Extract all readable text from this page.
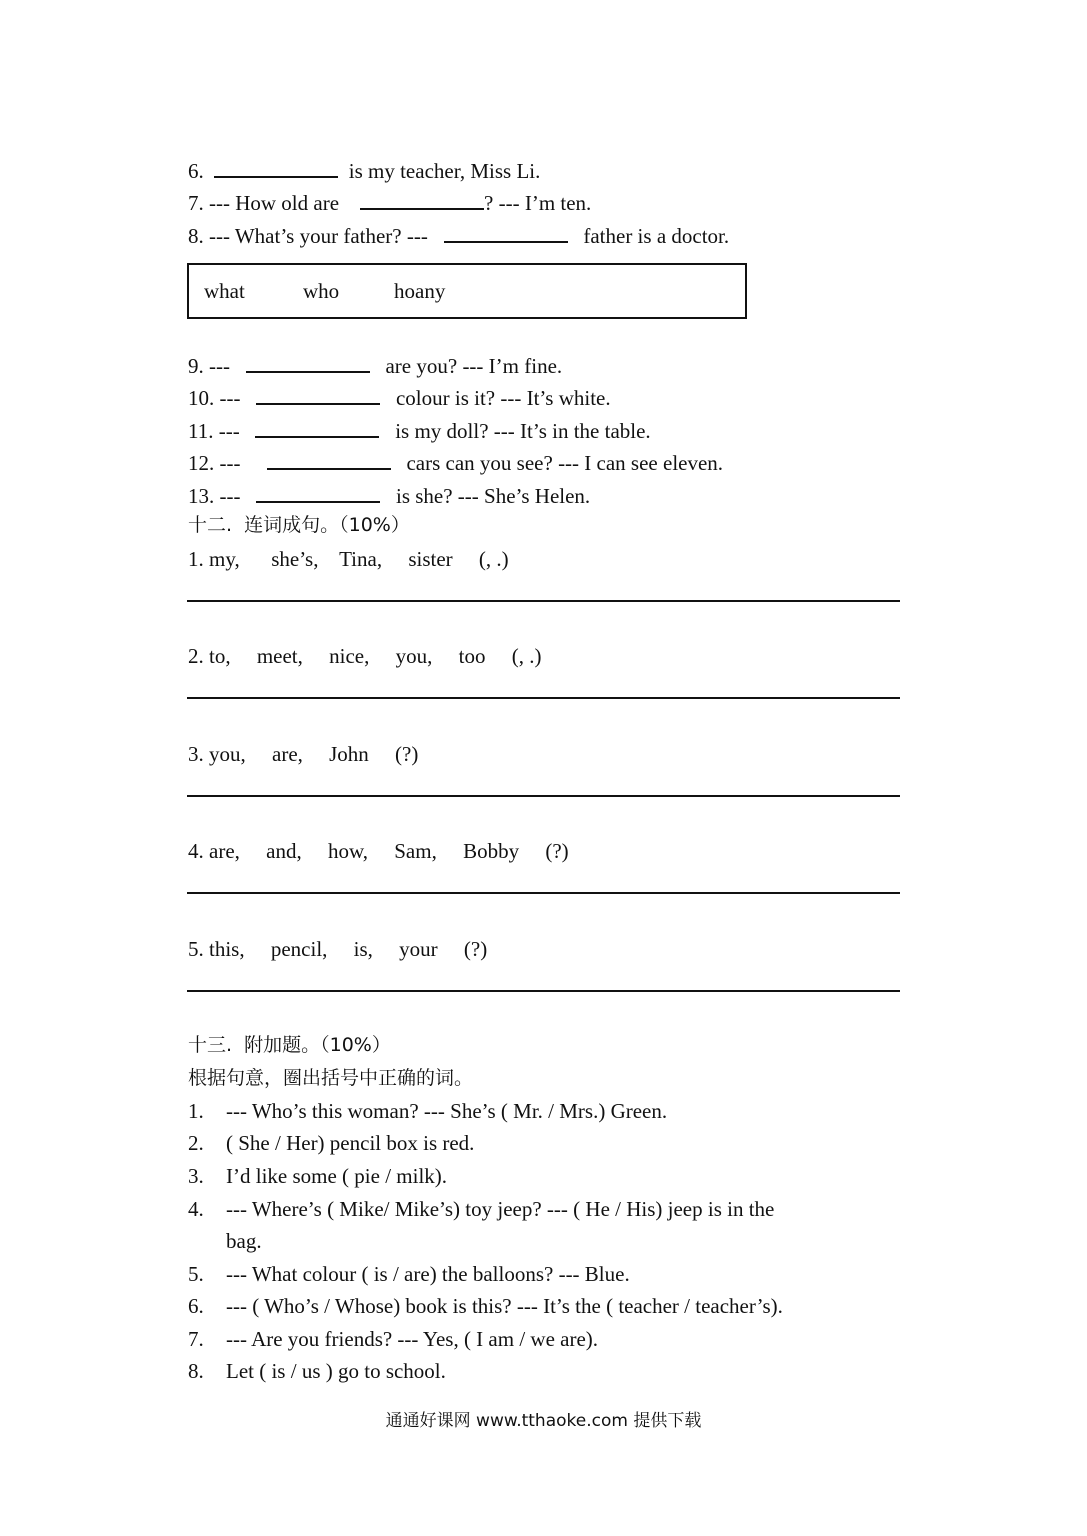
6.	is my teacher, Miss Li.
7. --- How old are	? --- I’m ten.
8. --- What’s your father? ---	father is a doctor.
what	who	hoany
9. ---	are you? --- I’m fine.
10. ---	colour is it? --- It’s white.
11. ---	is my doll? --- It’s in the table.
12. ---	cars can you see? --- I can see eleven.
13. ---	is she? --- She’s Helen.
十二.  连词成句。（10%）
1. my,      she’s,    Tina,     sister     (, .)
2. to,     meet,     nice,     you,     too     (, .)
3. you,     are,     John     (?)
4. are,     and,     how,     Sam,     Bobby     (?)
5. this,     pencil,     is,     your     (?)
十三.  附加题。（10%）
根据句意，圈出括号中正确的词。
1. --- Who’s this woman? --- She’s ( Mr. / Mrs.) Green.
2. ( She / Her) pencil box is red.
3. I’d like some ( pie / milk).
4. --- Where’s ( Mike/ Mike’s) toy jeep? --- ( He / His) jeep is in the
bag.
5. --- What colour ( is / are) the balloons? --- Blue.
6. --- ( Who’s / Whose) book is this? --- It’s the ( teacher / teacher’s).
7. --- Are you friends? --- Yes, ( I am / we are).
8. Let ( is / us ) go to school.
通通好课网 www.tthaoke.com 提供下载
